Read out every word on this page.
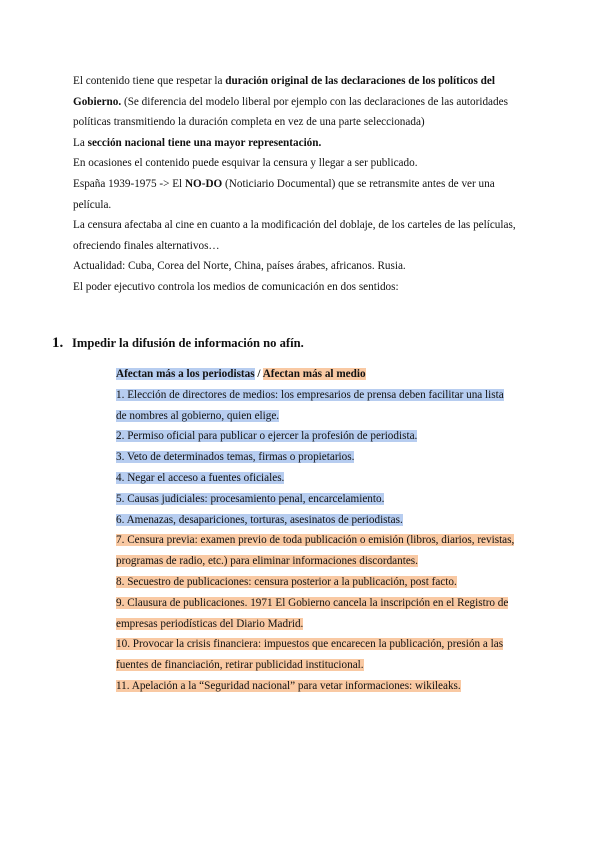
El contenido tiene que respetar la duración original de las declaraciones de los políticos del Gobierno. (Se diferencia del modelo liberal por ejemplo con las declaraciones de las autoridades políticas transmitiendo la duración completa en vez de una parte seleccionada)

La sección nacional tiene una mayor representación.

En ocasiones el contenido puede esquivar la censura y llegar a ser publicado.

España 1939-1975 -> El NO-DO (Noticiario Documental) que se retransmite antes de ver una película.

La censura afectaba al cine en cuanto a la modificación del doblaje, de los carteles de las películas, ofreciendo finales alternativos…

Actualidad: Cuba, Corea del Norte, China, países árabes, africanos. Rusia.

El poder ejecutivo controla los medios de comunicación en dos sentidos:

1. Impedir la difusión de información no afín.

Afectan más a los periodistas / Afectan más al medio

1. Elección de directores de medios: los empresarios de prensa deben facilitar una lista de nombres al gobierno, quien elige.

2. Permiso oficial para publicar o ejercer la profesión de periodista.

3. Veto de determinados temas, firmas o propietarios.

4. Negar el acceso a fuentes oficiales.

5. Causas judiciales: procesamiento penal, encarcelamiento.

6. Amenazas, desapariciones, torturas, asesinatos de periodistas.

7. Censura previa: examen previo de toda publicación o emisión (libros, diarios, revistas, programas de radio, etc.) para eliminar informaciones discordantes.

8. Secuestro de publicaciones: censura posterior a la publicación, post facto.

9. Clausura de publicaciones. 1971 El Gobierno cancela la inscripción en el Registro de empresas periodísticas del Diario Madrid.

10. Provocar la crisis financiera: impuestos que encarecen la publicación, presión a las fuentes de financiación, retirar publicidad institucional.

11. Apelación a la “Seguridad nacional” para vetar informaciones: wikileaks.
